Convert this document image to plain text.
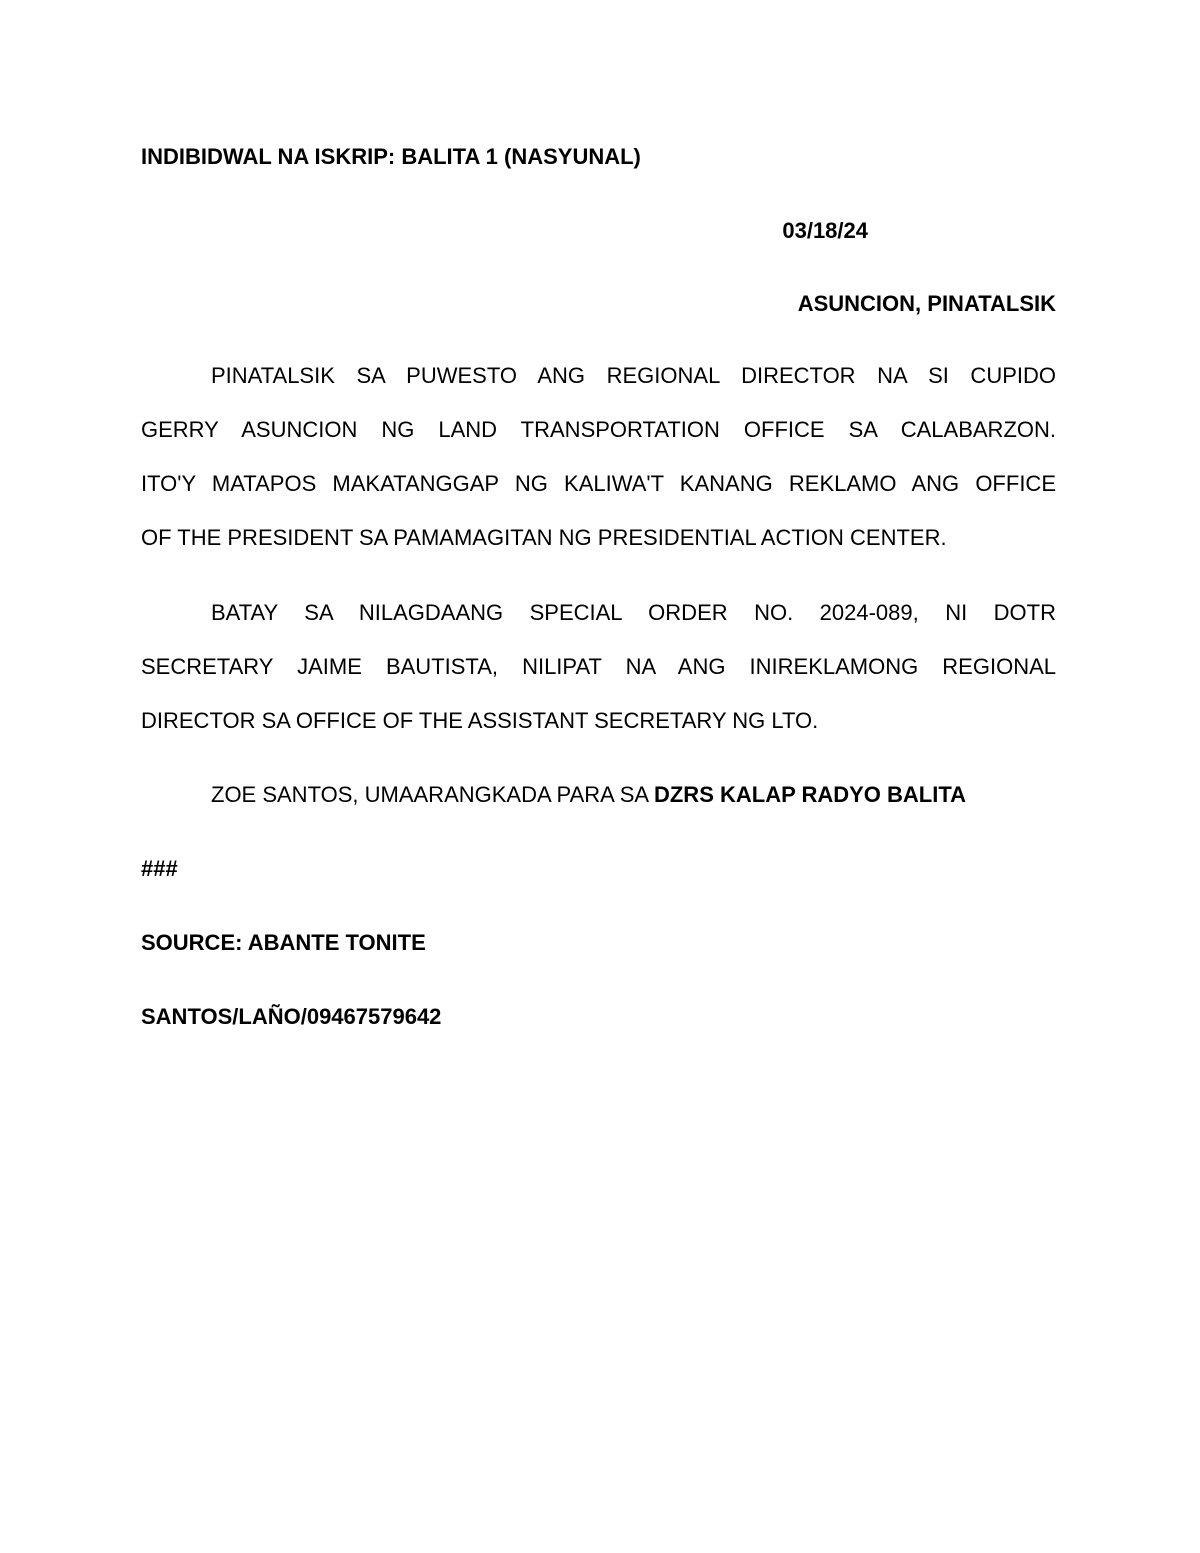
INDIBIDWAL NA ISKRIP: BALITA 1 (NASYUNAL)
03/18/24
ASUNCION, PINATALSIK
PINATALSIK SA PUWESTO ANG REGIONAL DIRECTOR NA SI CUPIDO
GERRY ASUNCION NG LAND TRANSPORTATION OFFICE SA CALABARZON.
ITO'Y MATAPOS MAKATANGGAP NG KALIWA'T KANANG REKLAMO ANG OFFICE
OF THE PRESIDENT SA PAMAMAGITAN NG PRESIDENTIAL ACTION CENTER.
BATAY SA NILAGDAANG SPECIAL ORDER NO. 2024-089, NI DOTR
SECRETARY JAIME BAUTISTA, NILIPAT NA ANG INIREKLAMONG REGIONAL
DIRECTOR SA OFFICE OF THE ASSISTANT SECRETARY NG LTO.
ZOE SANTOS, UMAARANGKADA PARA SA DZRS KALAP RADYO BALITA
###
SOURCE: ABANTE TONITE
SANTOS/LAÑO/09467579642
